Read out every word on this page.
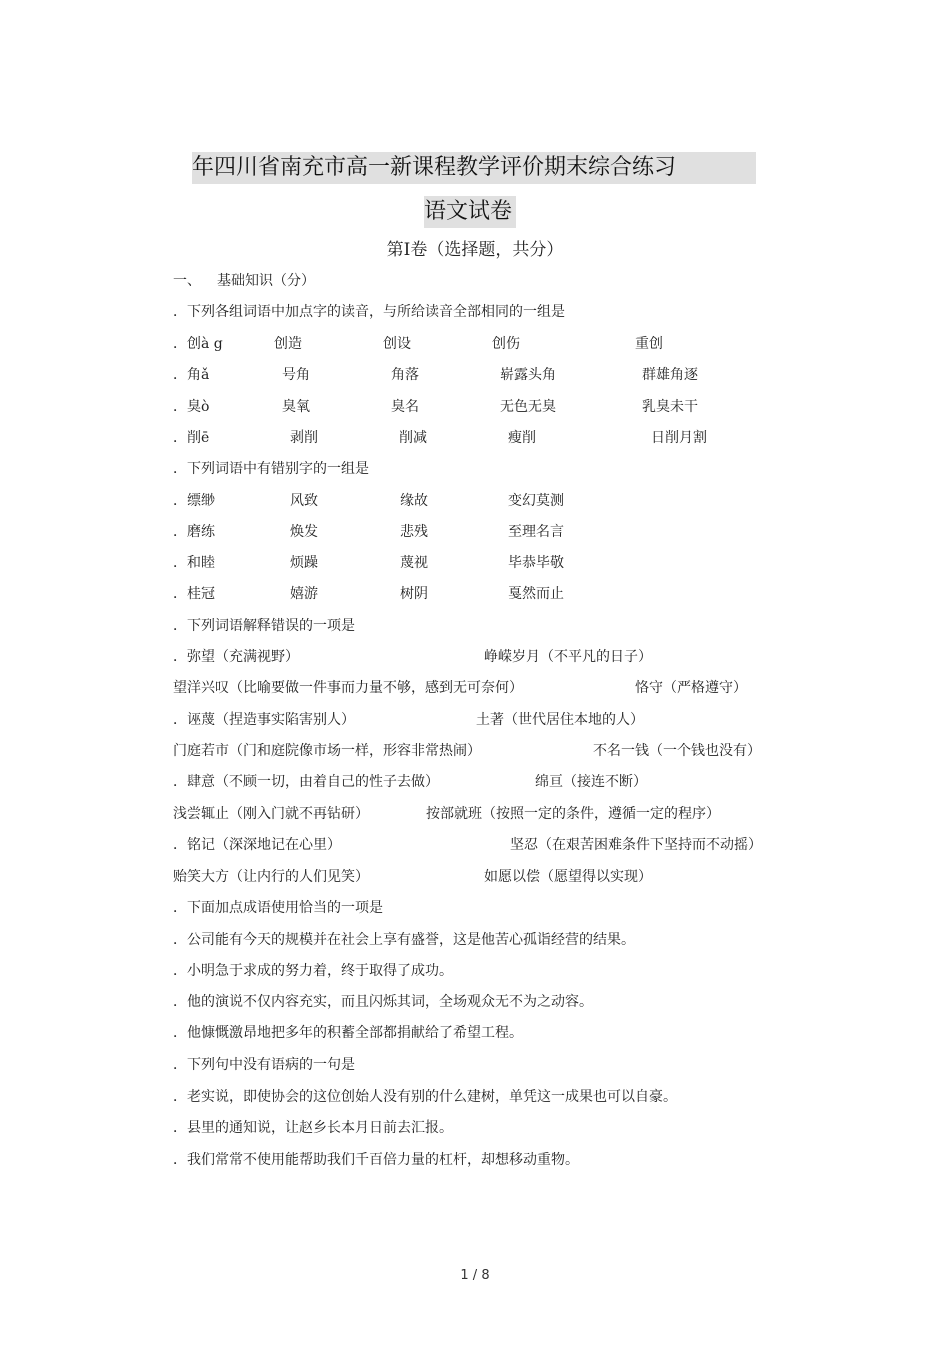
年四川省南充市高一新课程教学评价期末综合练习
语文试卷
第Ⅰ卷（选择题，共分）
一、 基础知识（分）
．下列各组词语中加点字的读音，与所给读音全部相同的一组是
．创à g	创造	创设	创伤	重创
．角ǎ	号角	角落	崭露头角	群雄角逐
．臭ò	臭氧	臭名	无色无臭	乳臭未干
．削ē	剥削	削减	瘦削	日削月割
．下列词语中有错别字的一组是
．缥缈	风致	缘故	变幻莫测
．磨练	焕发	悲残	至理名言
．和睦	烦躁	蔑视	毕恭毕敬
．桂冠	嬉游	树阴	戛然而止
．下列词语解释错误的一项是
．弥望（充满视野）	峥嵘岁月（不平凡的日子）
望洋兴叹（比喻要做一件事而力量不够，感到无可奈何）	恪守（严格遵守）
．诬蔑（捏造事实陷害别人）	土著（世代居住本地的人）
门庭若市（门和庭院像市场一样，形容非常热闹）	不名一钱（一个钱也没有）
．肆意（不顾一切，由着自己的性子去做）	绵亘（接连不断）
浅尝辄止（刚入门就不再钻研）	按部就班（按照一定的条件，遵循一定的程序）
．铭记（深深地记在心里）	坚忍（在艰苦困难条件下坚持而不动摇）
贻笑大方（让内行的人们见笑）	如愿以偿（愿望得以实现）
．下面加点成语使用恰当的一项是
．公司能有今天的规模并在社会上享有盛誉，这是他苦心孤诣经营的结果。
．小明急于求成的努力着，终于取得了成功。
．他的演说不仅内容充实，而且闪烁其词，全场观众无不为之动容。
．他慷慨激昂地把多年的积蓄全部都捐献给了希望工程。
．下列句中没有语病的一句是
．老实说，即使协会的这位创始人没有别的什么建树，单凭这一成果也可以自豪。
．县里的通知说，让赵乡长本月日前去汇报。
．我们常常不使用能帮助我们千百倍力量的杠杆，却想移动重物。
1 / 8
